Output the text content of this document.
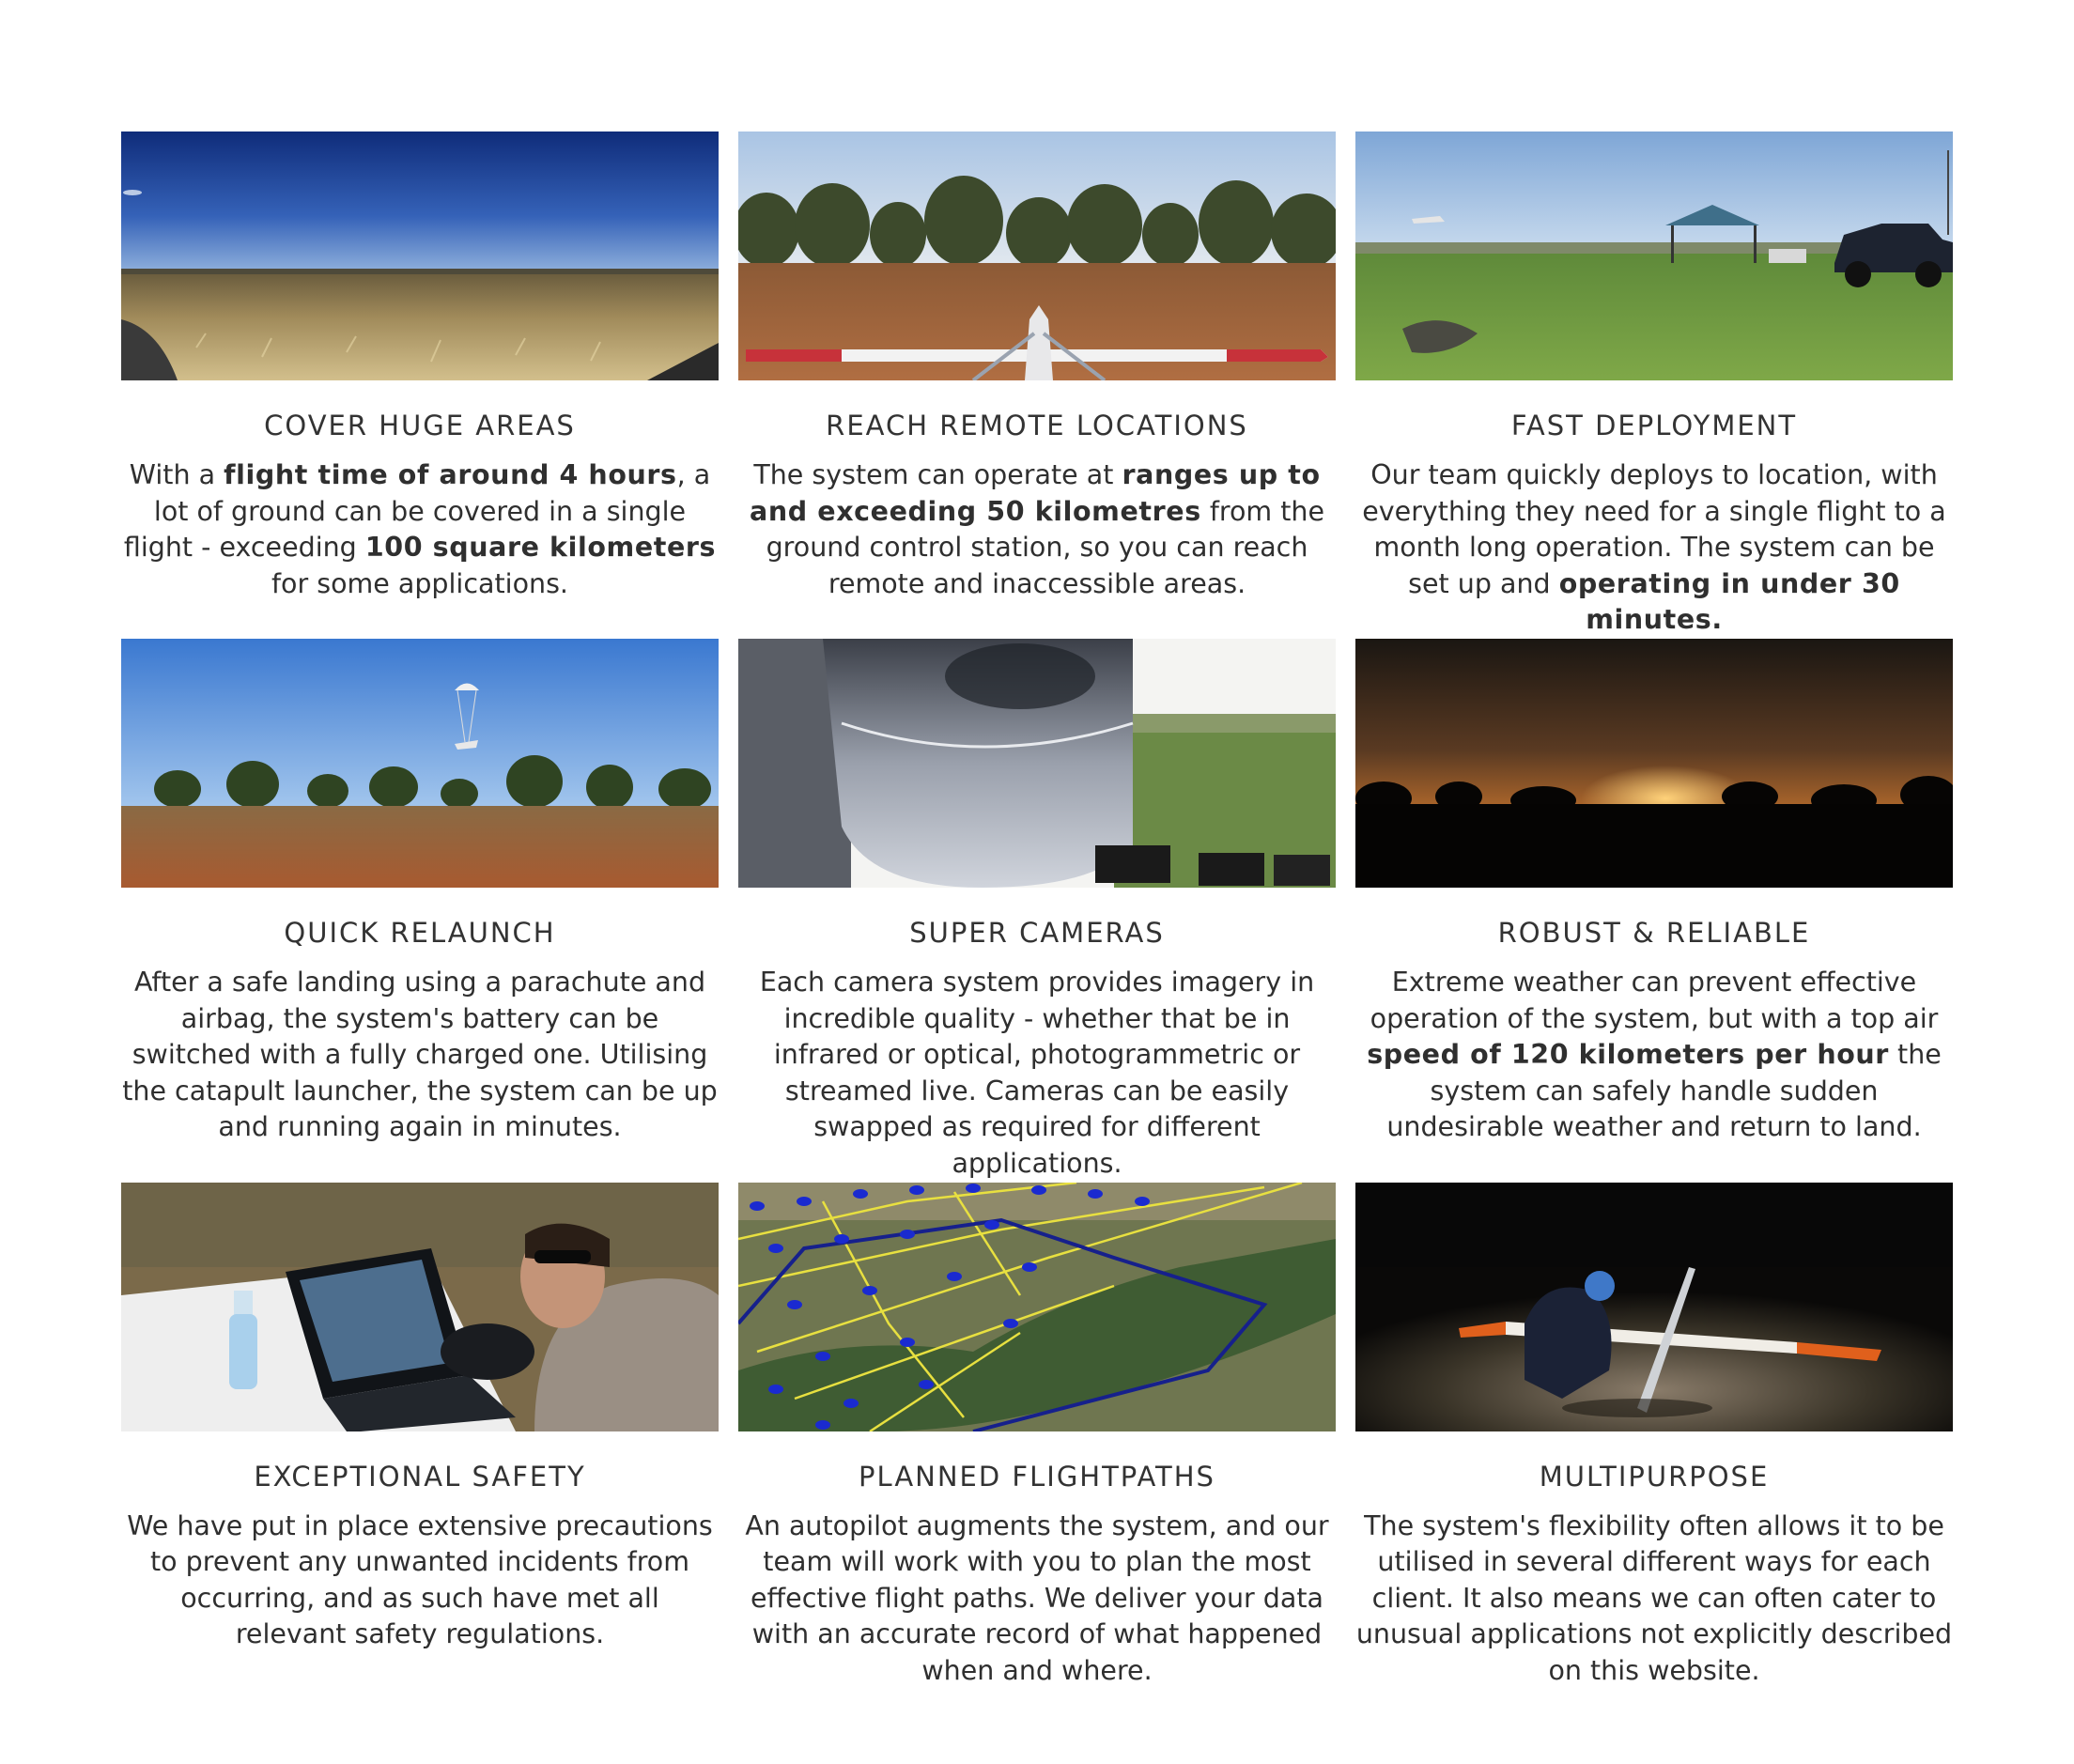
COVER HUGE AREAS
With a flight time of around 4 hours, a lot of ground can be covered in a single flight - exceeding 100 square kilometers for some applications.
REACH REMOTE LOCATIONS
The system can operate at ranges up to and exceeding 50 kilometres from the ground control station, so you can reach remote and inaccessible areas.
FAST DEPLOYMENT
Our team quickly deploys to location, with everything they need for a single flight to a month long operation. The system can be set up and operating in under 30 minutes.
QUICK RELAUNCH
After a safe landing using a parachute and airbag, the system's battery can be switched with a fully charged one. Utilising the catapult launcher, the system can be up and running again in minutes.
SUPER CAMERAS
Each camera system provides imagery in incredible quality - whether that be in infrared or optical, photogrammetric or streamed live. Cameras can be easily swapped as required for different applications.
ROBUST & RELIABLE
Extreme weather can prevent effective operation of the system, but with a top air speed of 120 kilometers per hour the system can safely handle sudden undesirable weather and return to land.
EXCEPTIONAL SAFETY
We have put in place extensive precautions to prevent any unwanted incidents from occurring, and as such have met all relevant safety regulations.
PLANNED FLIGHTPATHS
An autopilot augments the system, and our team will work with you to plan the most effective flight paths. We deliver your data with an accurate record of what happened when and where.
MULTIPURPOSE
The system's flexibility often allows it to be utilised in several different ways for each client. It also means we can often cater to unusual applications not explicitly described on this website.
